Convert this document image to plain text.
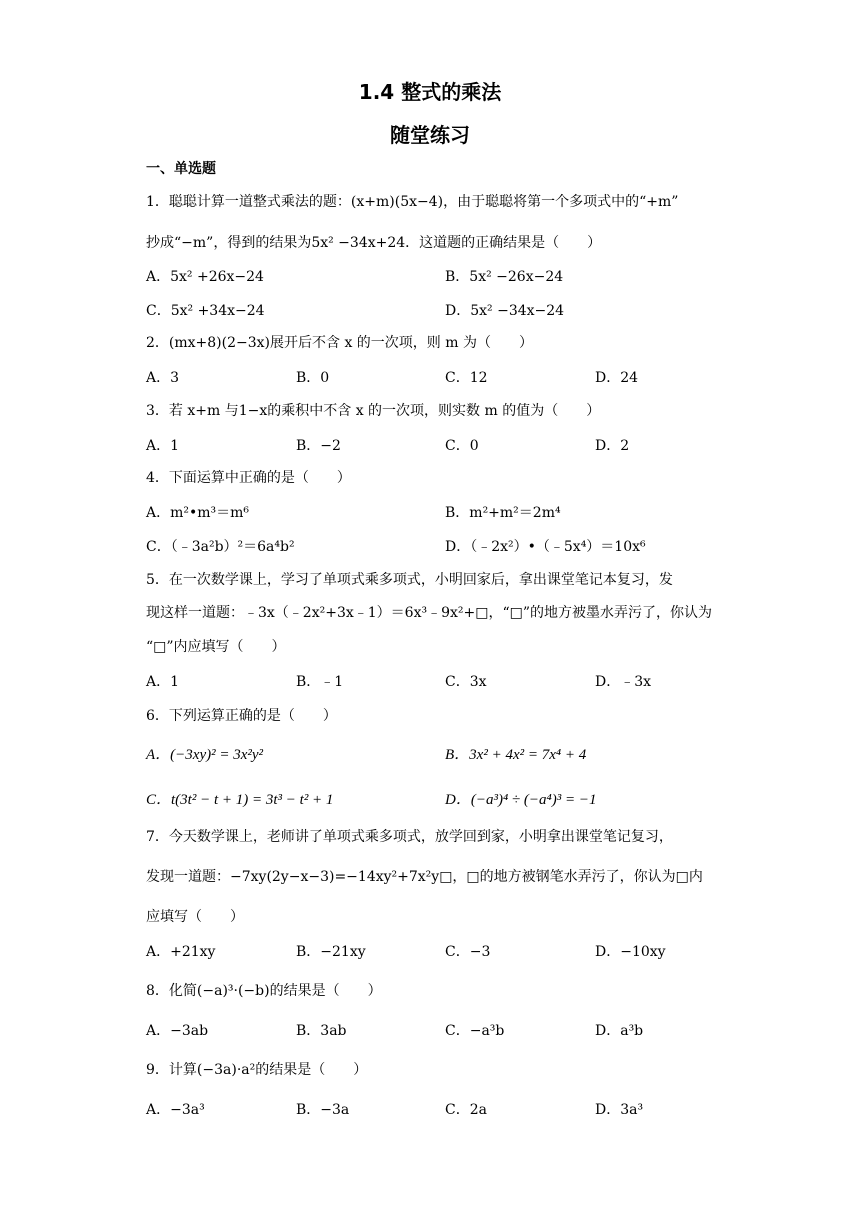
1.4 整式的乘法
随堂练习
一、单选题
1．聪聪计算一道整式乘法的题：(x+m)(5x−4)，由于聪聪将第一个多项式中的“+m”
抄成“−m”，得到的结果为5x² −34x+24．这道题的正确结果是（　　）
A．5x² +26x−24	B．5x² −26x−24
C．5x² +34x−24	D．5x² −34x−24
2．(mx+8)(2−3x)展开后不含 x 的一次项，则 m 为（　　）
A．3	B．0	C．12	D．24
3．若 x+m 与1−x的乘积中不含 x 的一次项，则实数 m 的值为（　　）
A．1	B．−2	C．0	D．2
4．下面运算中正确的是（　　）
A．m²•m³＝m⁶	B．m²+m²＝2m⁴
C．（﹣3a²b）²＝6a⁴b²	D．（﹣2x²）•（﹣5x⁴）＝10x⁶
5．在一次数学课上，学习了单项式乘多项式，小明回家后，拿出课堂笔记本复习，发
现这样一道题：﹣3x（﹣2x²+3x﹣1）＝6x³﹣9x²+□，“□”的地方被墨水弄污了，你认为
“□”内应填写（　　）
A．1	B．﹣1	C．3x	D．﹣3x
6．下列运算正确的是（　　）
A．(−3xy)² = 3x²y²	B．3x² + 4x² = 7x⁴ + 4
C．t(3t² − t + 1) = 3t³ − t² + 1	D．(−a³)⁴ ÷ (−a⁴)³ = −1
7．今天数学课上，老师讲了单项式乘多项式，放学回到家，小明拿出课堂笔记复习，
发现一道题：−7xy(2y−x−3)=−14xy²+7x²y□，□的地方被钢笔水弄污了，你认为□内
应填写（　　）
A．+21xy	B．−21xy	C．−3	D．−10xy
8．化简(−a)³·(−b)的结果是（　　）
A．−3ab	B．3ab	C．−a³b	D．a³b
9．计算(−3a)·a²的结果是（　　）
A．−3a³	B．−3a	C．2a	D．3a³
